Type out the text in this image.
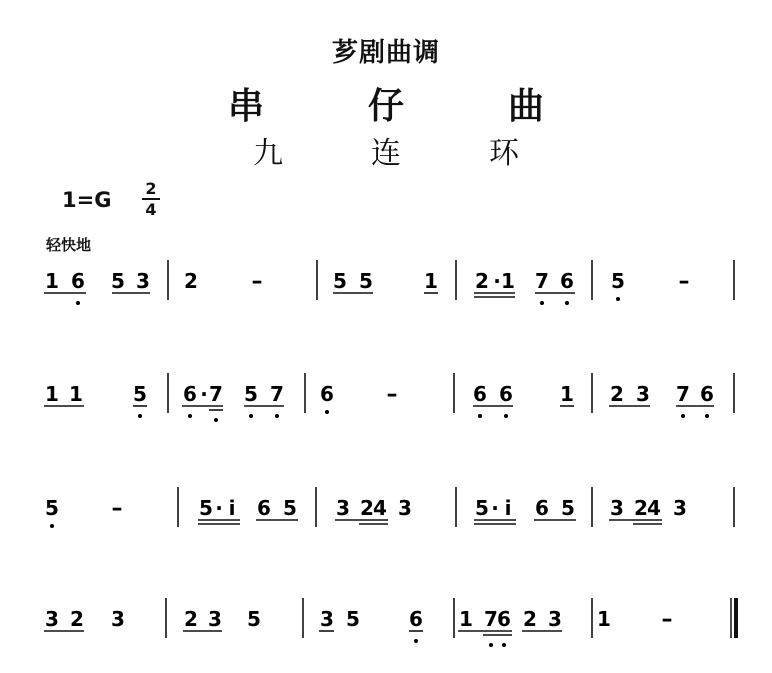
芗剧曲调
串	仔	曲
九	连	环
1=G 2
4
轻快地
1 6 5 3 2 –	5 5	1 2 · 1 7 6 5 –
1 1	5 6 · 7 5 7 6 –	6 6 1 2 3 7 6
5 –	5 · i 6 5 3 2 4 3	5 · i 6 5 3 2 4 3
3 2 3	2 3 5	3 5 6 1 7 6 2 3 1 –
